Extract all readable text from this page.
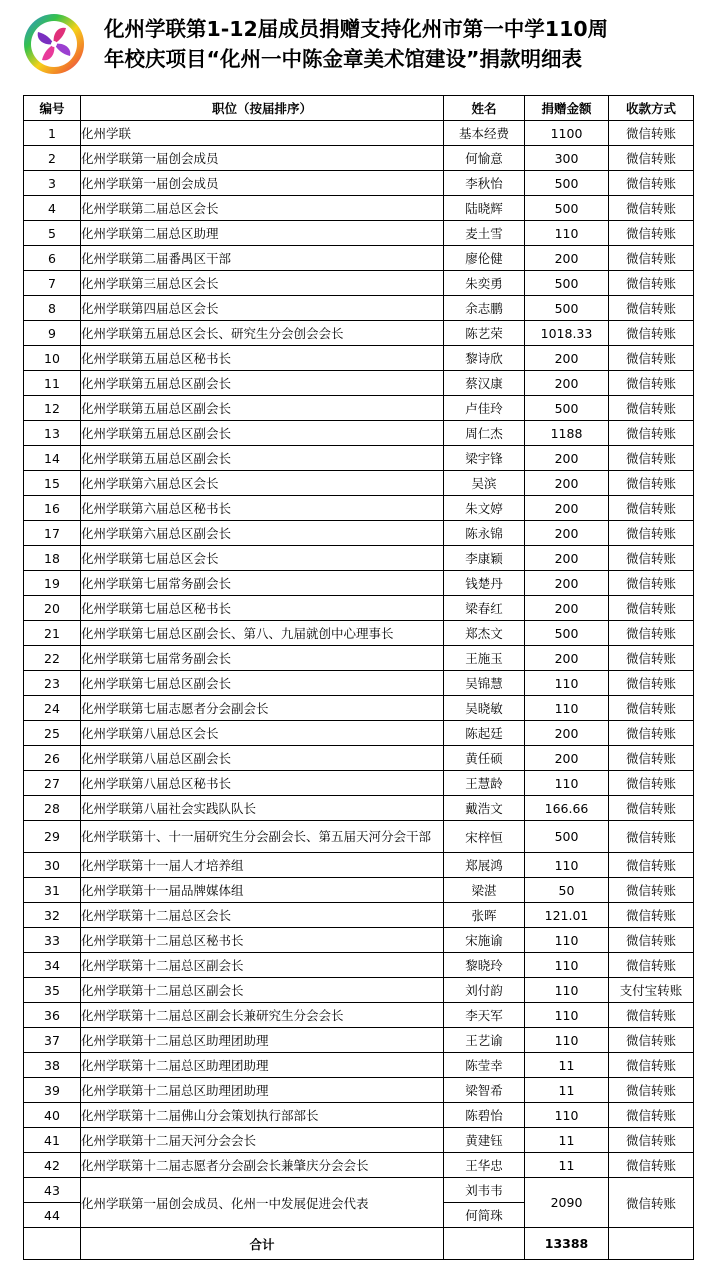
化州学联第1-12届成员捐赠支持化州市第一中学110周
年校庆项目“化州一中陈金章美术馆建设”捐款明细表
编号	职位（按届排序）	姓名	捐赠金额	收款方式
1	化州学联	基本经费	1100	微信转账
2	化州学联第一届创会成员	何愉意	300	微信转账
3	化州学联第一届创会成员	李秋怡	500	微信转账
4	化州学联第二届总区会长	陆晓辉	500	微信转账
5	化州学联第二届总区助理	麦土雪	110	微信转账
6	化州学联第二届番禺区干部	廖伦健	200	微信转账
7	化州学联第三届总区会长	朱奕勇	500	微信转账
8	化州学联第四届总区会长	余志鹏	500	微信转账
9	化州学联第五届总区会长、研究生分会创会会长	陈艺荣	1018.33	微信转账
10	化州学联第五届总区秘书长	黎诗欣	200	微信转账
11	化州学联第五届总区副会长	蔡汉康	200	微信转账
12	化州学联第五届总区副会长	卢佳玲	500	微信转账
13	化州学联第五届总区副会长	周仁杰	1188	微信转账
14	化州学联第五届总区副会长	梁宇锋	200	微信转账
15	化州学联第六届总区会长	吴滨	200	微信转账
16	化州学联第六届总区秘书长	朱文婷	200	微信转账
17	化州学联第六届总区副会长	陈永锦	200	微信转账
18	化州学联第七届总区会长	李康颖	200	微信转账
19	化州学联第七届常务副会长	钱楚丹	200	微信转账
20	化州学联第七届总区秘书长	梁春红	200	微信转账
21	化州学联第七届总区副会长、第八、九届就创中心理事长	郑杰文	500	微信转账
22	化州学联第七届常务副会长	王施玉	200	微信转账
23	化州学联第七届总区副会长	吴锦慧	110	微信转账
24	化州学联第七届志愿者分会副会长	吴晓敏	110	微信转账
25	化州学联第八届总区会长	陈起廷	200	微信转账
26	化州学联第八届总区副会长	黄任硕	200	微信转账
27	化州学联第八届总区秘书长	王慧龄	110	微信转账
28	化州学联第八届社会实践队队长	戴浩文	166.66	微信转账
29	化州学联第十、十一届研究生分会副会长、第五届天河分会干部	宋梓恒	500	微信转账
30	化州学联第十一届人才培养组	郑展鸿	110	微信转账
31	化州学联第十一届品牌媒体组	梁湛	50	微信转账
32	化州学联第十二届总区会长	张晖	121.01	微信转账
33	化州学联第十二届总区秘书长	宋施谕	110	微信转账
34	化州学联第十二届总区副会长	黎晓玲	110	微信转账
35	化州学联第十二届总区副会长	刘付韵	110	支付宝转账
36	化州学联第十二届总区副会长兼研究生分会会长	李天军	110	微信转账
37	化州学联第十二届总区助理团助理	王艺谕	110	微信转账
38	化州学联第十二届总区助理团助理	陈莹幸	11	微信转账
39	化州学联第十二届总区助理团助理	梁智希	11	微信转账
40	化州学联第十二届佛山分会策划执行部部长	陈碧怡	110	微信转账
41	化州学联第十二届天河分会会长	黄建钰	11	微信转账
42	化州学联第十二届志愿者分会副会长兼肇庆分会会长	王华忠	11	微信转账
43	化州学联第一届创会成员、化州一中发展促进会代表	刘韦韦	2090	微信转账
44		何简珠		
	合计		13388	
